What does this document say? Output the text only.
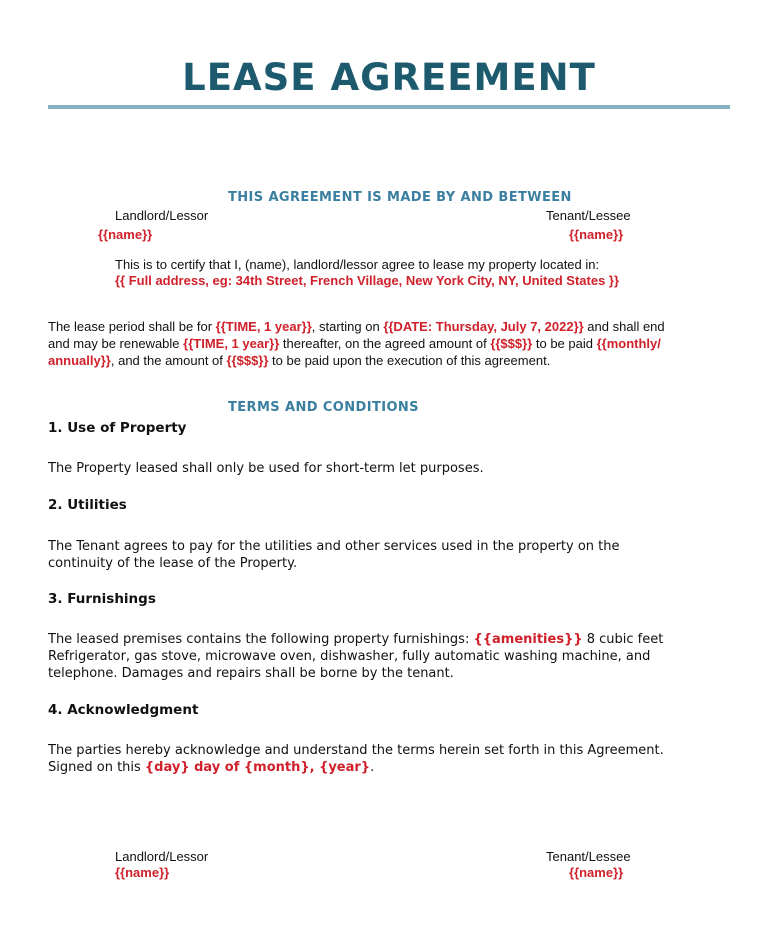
LEASE AGREEMENT
THIS AGREEMENT IS MADE BY AND BETWEEN
Landlord/Lessor
{{name}}
Tenant/Lessee
{{name}}
This is to certify that I, (name), landlord/lessor agree to lease my property located in:
{{ Full address, eg: 34th Street, French Village, New York City, NY, United States }}
The lease period shall be for {{TIME, 1 year}}, starting on {{DATE: Thursday, July 7, 2022}} and shall end
and may be renewable {{TIME, 1 year}} thereafter, on the agreed amount of {{$$$}} to be paid {{monthly/
annually}}, and the amount of {{$$$}} to be paid upon the execution of this agreement.
TERMS AND CONDITIONS
1. Use of Property
The Property leased shall only be used for short-term let purposes.
2. Utilities
The Tenant agrees to pay for the utilities and other services used in the property on the
continuity of the lease of the Property.
3. Furnishings
The leased premises contains the following property furnishings: {{amenities}} 8 cubic feet
Refrigerator, gas stove, microwave oven, dishwasher, fully automatic washing machine, and
telephone. Damages and repairs shall be borne by the tenant.
4. Acknowledgment
The parties hereby acknowledge and understand the terms herein set forth in this Agreement.
Signed on this {day} day of {month}, {year}.
Landlord/Lessor
{{name}}
Tenant/Lessee
{{name}}
